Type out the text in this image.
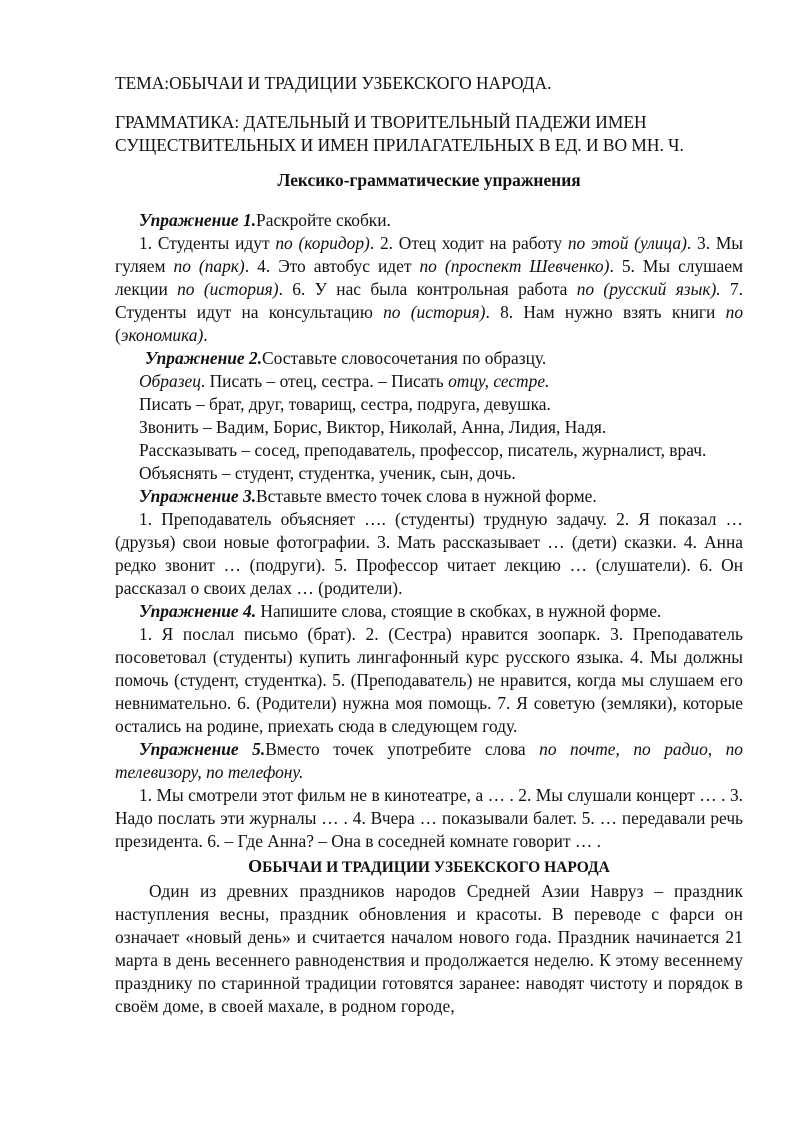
ТЕМА:ОБЫЧАИ И ТРАДИЦИИ УЗБЕКСКОГО НАРОДА.

ГРАММАТИКА: ДАТЕЛЬНЫЙ И ТВОРИТЕЛЬНЫЙ ПАДЕЖИ ИМЕН СУЩЕСТВИТЕЛЬНЫХ И ИМЕН ПРИЛАГАТЕЛЬНЫХ В ЕД. И ВО МН. Ч.

Лексико-грамматические упражнения

Упражнение 1.Раскройте скобки.

1. Студенты идут по (коридор). 2. Отец ходит на работу по этой (улица). 3. Мы гуляем по (парк). 4. Это автобус идет по (проспект Шевченко). 5. Мы слушаем лекции по (история). 6. У нас была контрольная работа по (русский язык). 7. Студенты идут на консультацию по (история). 8. Нам нужно взять книги по (экономика).

Упражнение 2.Составьте словосочетания по образцу.

Образец. Писать – отец, сестра. – Писать отцу, сестре.

Писать – брат, друг, товарищ, сестра, подруга, девушка.

Звонить – Вадим, Борис, Виктор, Николай, Анна, Лидия, Надя.

Рассказывать – сосед, преподаватель, профессор, писатель, журналист, врач.

Объяснять – студент, студентка, ученик, сын, дочь.

Упражнение 3.Вставьте вместо точек слова в нужной форме.

1. Преподаватель объясняет …. (студенты) трудную задачу. 2. Я показал … (друзья) свои новые фотографии. 3. Мать рассказывает … (дети) сказки. 4. Анна редко звонит … (подруги). 5. Профессор читает лекцию … (слушатели). 6. Он рассказал о своих делах … (родители).

Упражнение 4. Напишите слова, стоящие в скобках, в нужной форме.

1. Я послал письмо (брат). 2. (Сестра) нравится зоопарк. 3. Преподаватель посоветовал (студенты) купить лингафонный курс русского языка. 4. Мы должны помочь (студент, студентка). 5. (Преподаватель) не нравится, когда мы слушаем его невнимательно. 6. (Родители) нужна моя помощь. 7. Я советую (земляки), которые остались на родине, приехать сюда в следующем году.

Упражнение 5.Вместо точек употребите слова по почте, по радио, по телевизору, по телефону.

1. Мы смотрели этот фильм не в кинотеатре, а … . 2. Мы слушали концерт … . 3. Надо послать эти журналы … . 4. Вчера … показывали балет. 5. … передавали речь президента. 6. – Где Анна? – Она в соседней комнате говорит … .

ОБЫЧАИ И ТРАДИЦИИ УЗБЕКСКОГО НАРОДА

Один из древних праздников народов Средней Азии Навруз – праздник наступления весны, праздник обновления и красоты. В переводе с фарси он означает «новый день» и считается началом нового года. Праздник начинается 21 марта в день весеннего равноденствия и продолжается неделю. К этому весеннему празднику по старинной традиции готовятся заранее: наводят чистоту и порядок в своём доме, в своей махале, в родном городе,
